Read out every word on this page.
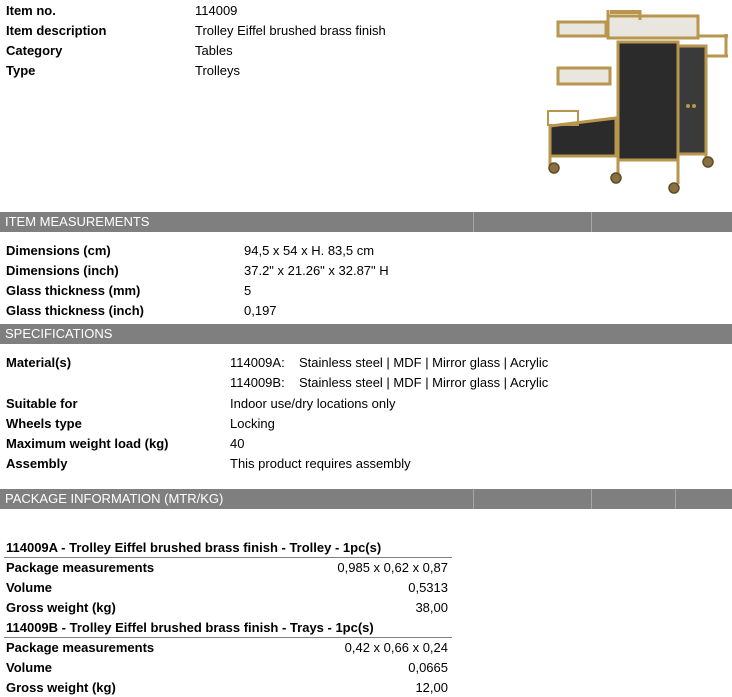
Item no.	114009
Item description	Trolley Eiffel brushed brass finish
Category	Tables
Type	Trolleys
ITEM MEASUREMENTS
Dimensions (cm)	94,5 x 54 x H. 83,5 cm
Dimensions (inch)	37.2" x 21.26" x 32.87" H
Glass thickness (mm)	5
Glass thickness (inch)	0,197
SPECIFICATIONS
Material(s)	114009A: Stainless steel | MDF | Mirror glass | Acrylic
114009B: Stainless steel | MDF | Mirror glass | Acrylic
Suitable for	Indoor use/dry locations only
Wheels type	Locking
Maximum weight load (kg)	40
Assembly	This product requires assembly
PACKAGE INFORMATION (MTR/KG)
114009A - Trolley Eiffel brushed brass finish - Trolley - 1pc(s)
Package measurements	0,985 x 0,62 x 0,87
Volume	0,5313
Gross weight (kg)	38,00
114009B - Trolley Eiffel brushed brass finish - Trays - 1pc(s)
Package measurements	0,42 x 0,66 x 0,24
Volume	0,0665
Gross weight (kg)	12,00
